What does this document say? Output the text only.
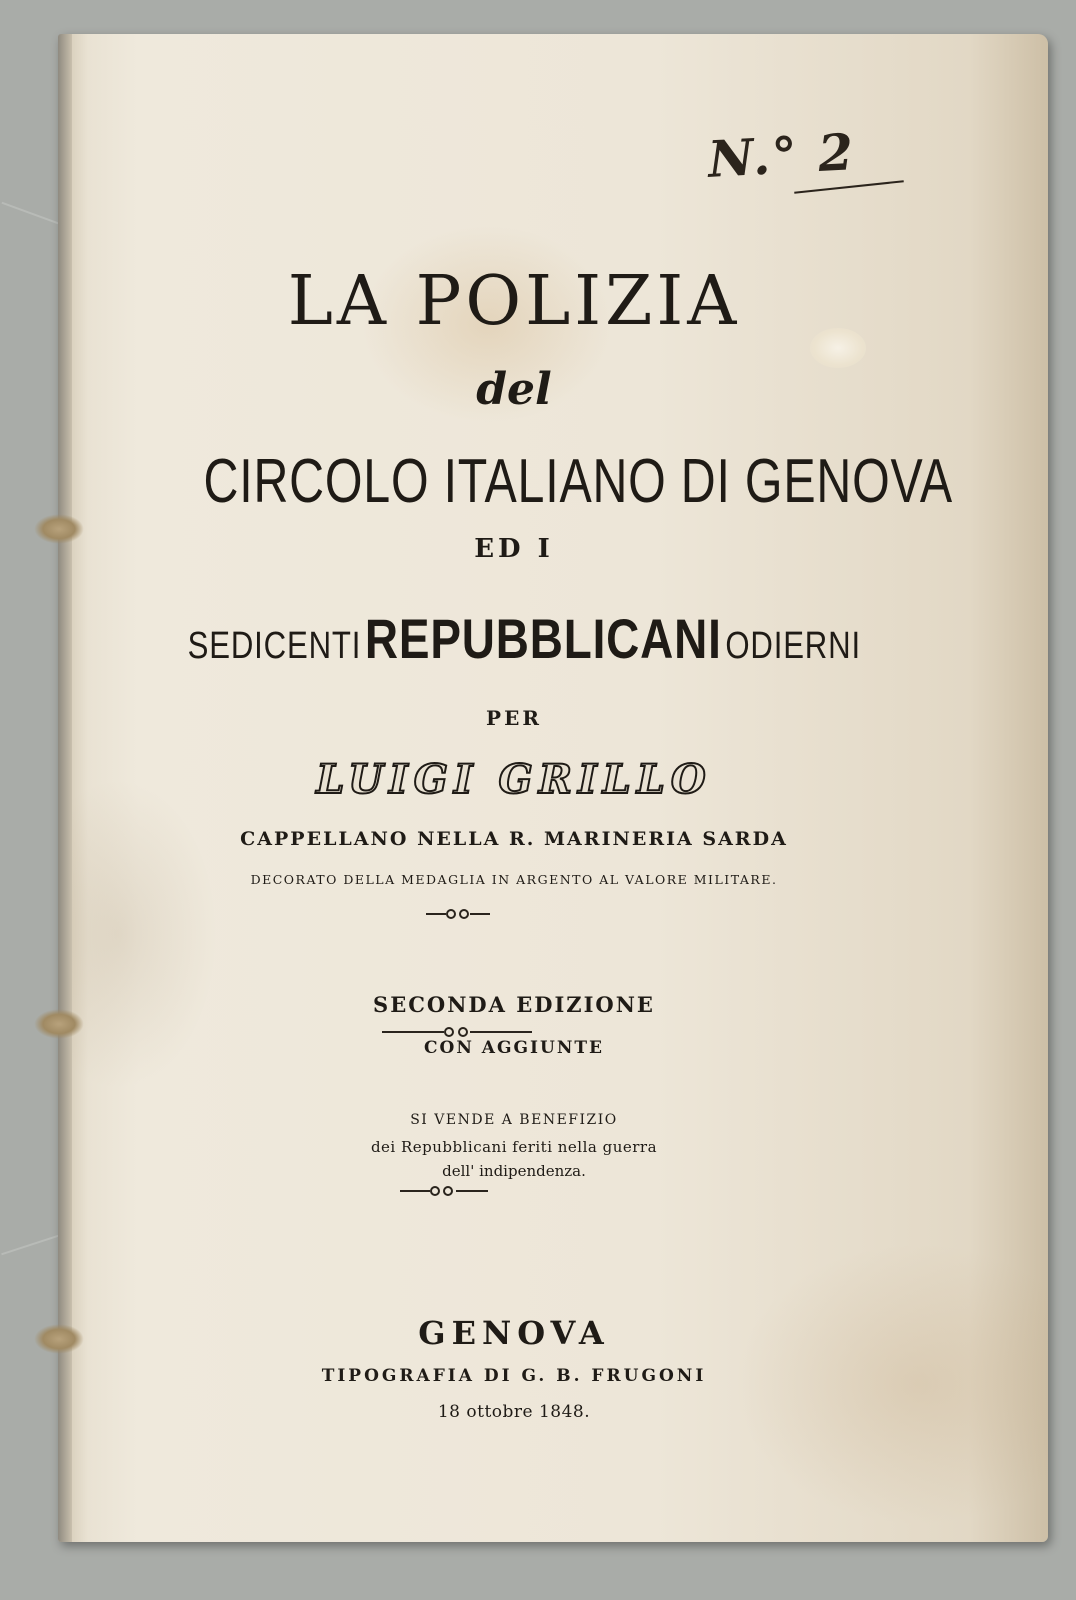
N.° 2
LA POLIZIA
del
CIRCOLO ITALIANO DI GENOVA
ED I
SEDICENTI REPUBBLICANI ODIERNI
PER
LUIGI GRILLO
CAPPELLANO NELLA R. MARINERIA SARDA
DECORATO DELLA MEDAGLIA IN ARGENTO AL VALORE MILITARE.
SECONDA EDIZIONE
CON AGGIUNTE
SI VENDE A BENEFIZIO
dei Repubblicani feriti nella guerra
dell' indipendenza.
GENOVA
TIPOGRAFIA DI G. B. FRUGONI
18 ottobre 1848.
